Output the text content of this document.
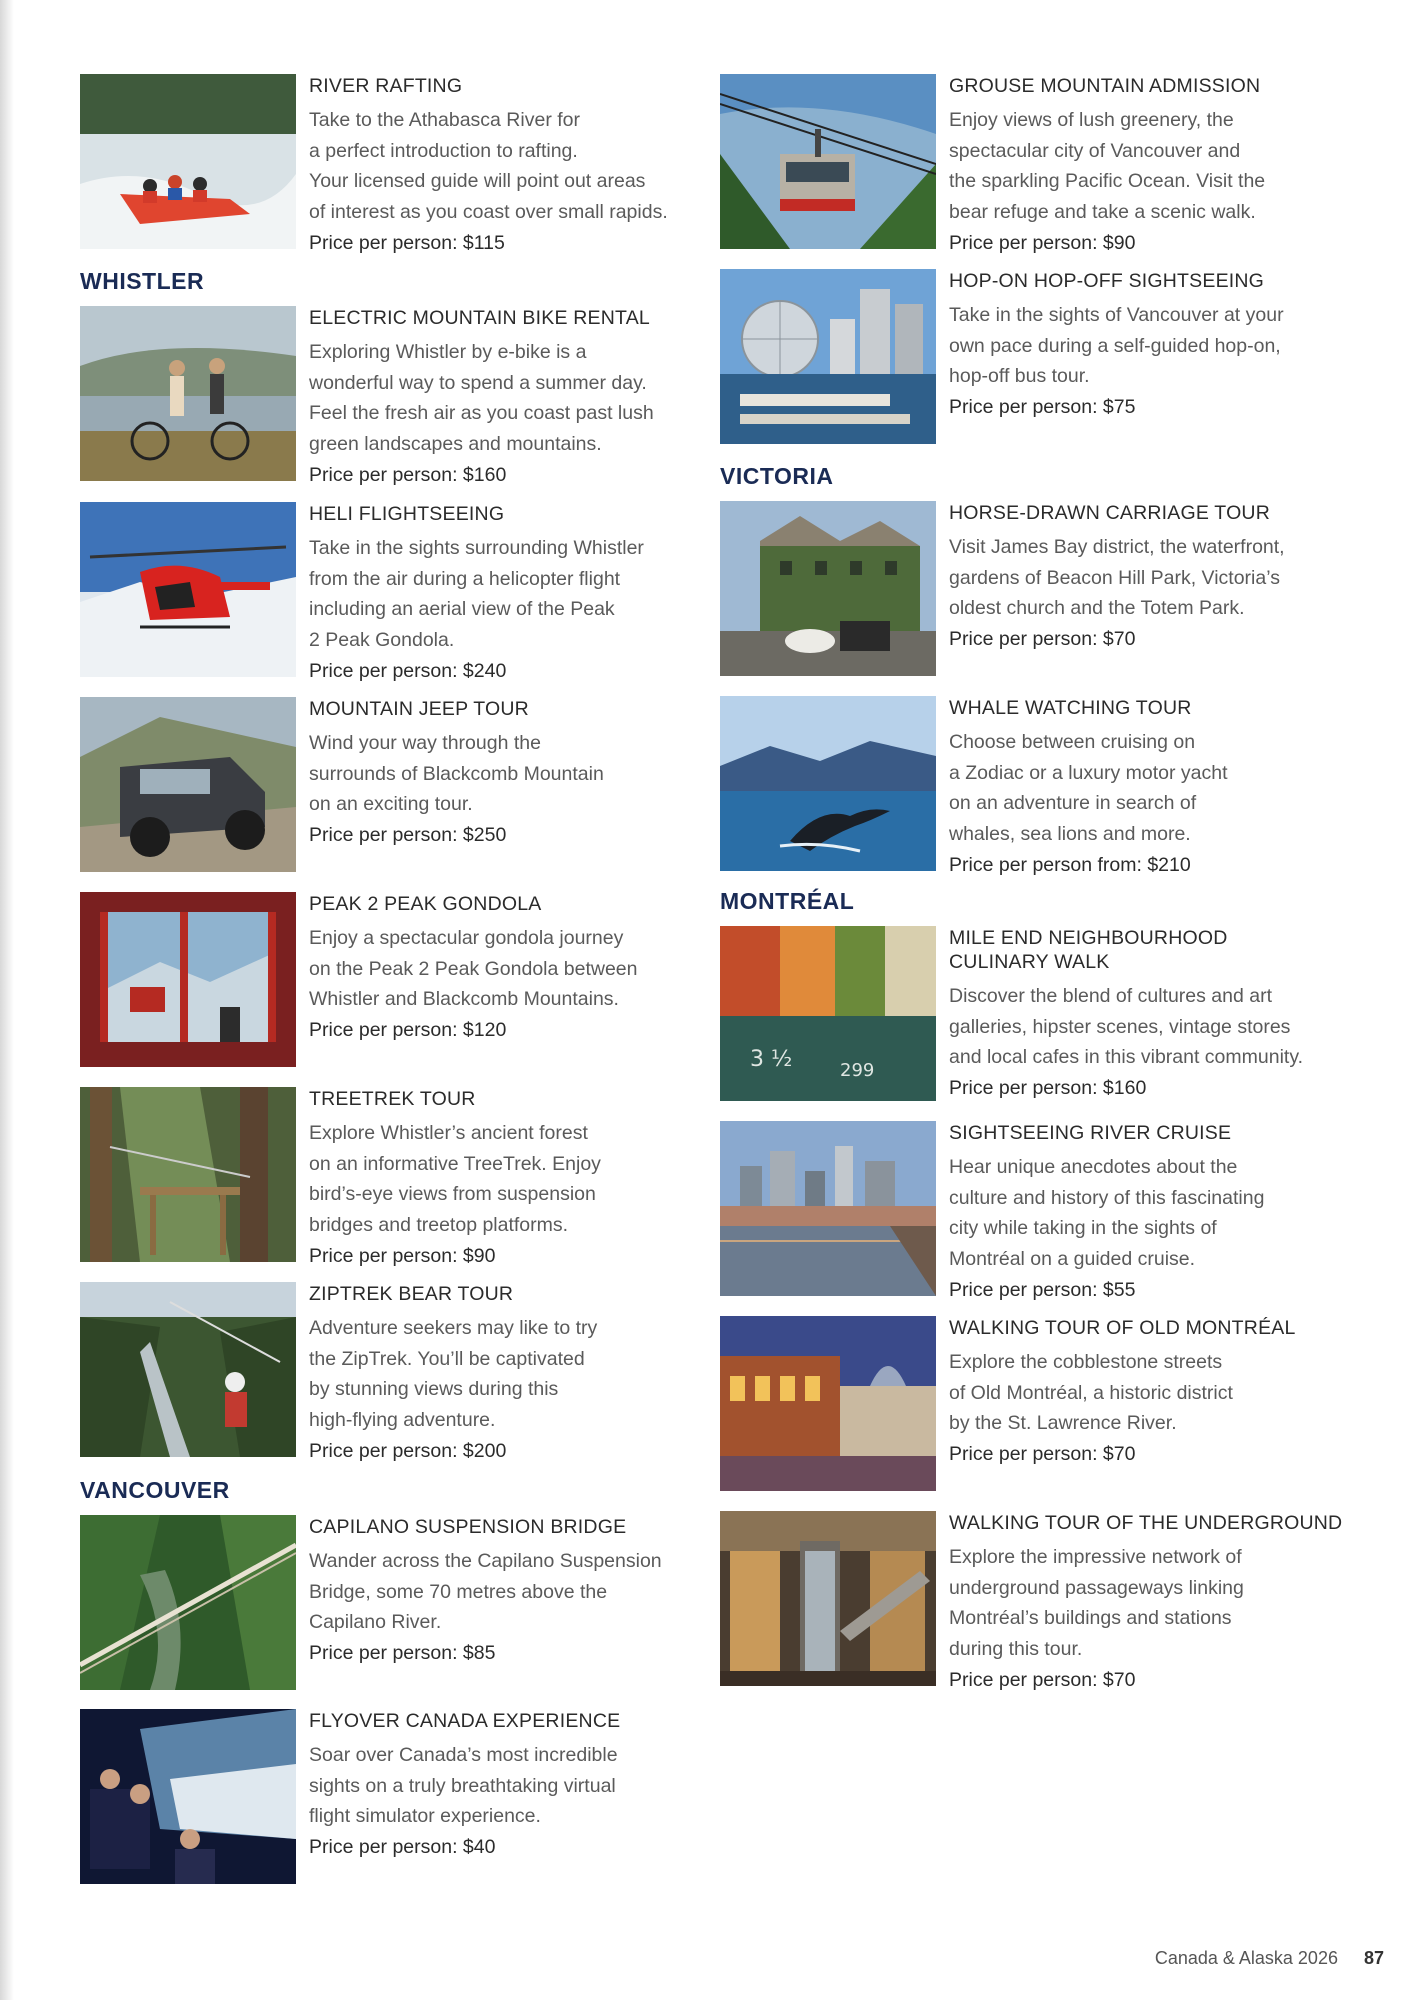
RIVER RAFTING
Take to the Athabasca River for
a perfect introduction to rafting.
Your licensed guide will point out areas
of interest as you coast over small rapids.
Price per person: $115
WHISTLER
ELECTRIC MOUNTAIN BIKE RENTAL
Exploring Whistler by e-bike is a
wonderful way to spend a summer day.
Feel the fresh air as you coast past lush
green landscapes and mountains.
Price per person: $160
HELI FLIGHTSEEING
Take in the sights surrounding Whistler
from the air during a helicopter flight
including an aerial view of the Peak
2 Peak Gondola.
Price per person: $240
MOUNTAIN JEEP TOUR
Wind your way through the
surrounds of Blackcomb Mountain
on an exciting tour.
Price per person: $250
PEAK 2 PEAK GONDOLA
Enjoy a spectacular gondola journey
on the Peak 2 Peak Gondola between
Whistler and Blackcomb Mountains.
Price per person: $120
TREETREK TOUR
Explore Whistler’s ancient forest
on an informative TreeTrek. Enjoy
bird’s-eye views from suspension
bridges and treetop platforms.
Price per person: $90
ZIPTREK BEAR TOUR
Adventure seekers may like to try
the ZipTrek. You’ll be captivated
by stunning views during this
high-flying adventure.
Price per person: $200
VANCOUVER
CAPILANO SUSPENSION BRIDGE
Wander across the Capilano Suspension
Bridge, some 70 metres above the
Capilano River.
Price per person: $85
FLYOVER CANADA EXPERIENCE
Soar over Canada’s most incredible
sights on a truly breathtaking virtual
flight simulator experience.
Price per person: $40
GROUSE MOUNTAIN ADMISSION
Enjoy views of lush greenery, the
spectacular city of Vancouver and
the sparkling Pacific Ocean. Visit the
bear refuge and take a scenic walk.
Price per person: $90
HOP-ON HOP-OFF SIGHTSEEING
Take in the sights of Vancouver at your
own pace during a self-guided hop-on,
hop-off bus tour.
Price per person: $75
VICTORIA
HORSE-DRAWN CARRIAGE TOUR
Visit James Bay district, the waterfront,
gardens of Beacon Hill Park, Victoria’s
oldest church and the Totem Park.
Price per person: $70
WHALE WATCHING TOUR
Choose between cruising on
a Zodiac or a luxury motor yacht
on an adventure in search of
whales, sea lions and more.
Price per person from: $210
MONTRÉAL
3 ½	299
MILE END NEIGHBOURHOOD
CULINARY WALK
Discover the blend of cultures and art
galleries, hipster scenes, vintage stores
and local cafes in this vibrant community.
Price per person: $160
SIGHTSEEING RIVER CRUISE
Hear unique anecdotes about the
culture and history of this fascinating
city while taking in the sights of
Montréal on a guided cruise.
Price per person: $55
WALKING TOUR OF OLD MONTRÉAL
Explore the cobblestone streets
of Old Montréal, a historic district
by the St. Lawrence River.
Price per person: $70
WALKING TOUR OF THE UNDERGROUND
Explore the impressive network of
underground passageways linking
Montréal’s buildings and stations
during this tour.
Price per person: $70
Canada & Alaska 2026 87
